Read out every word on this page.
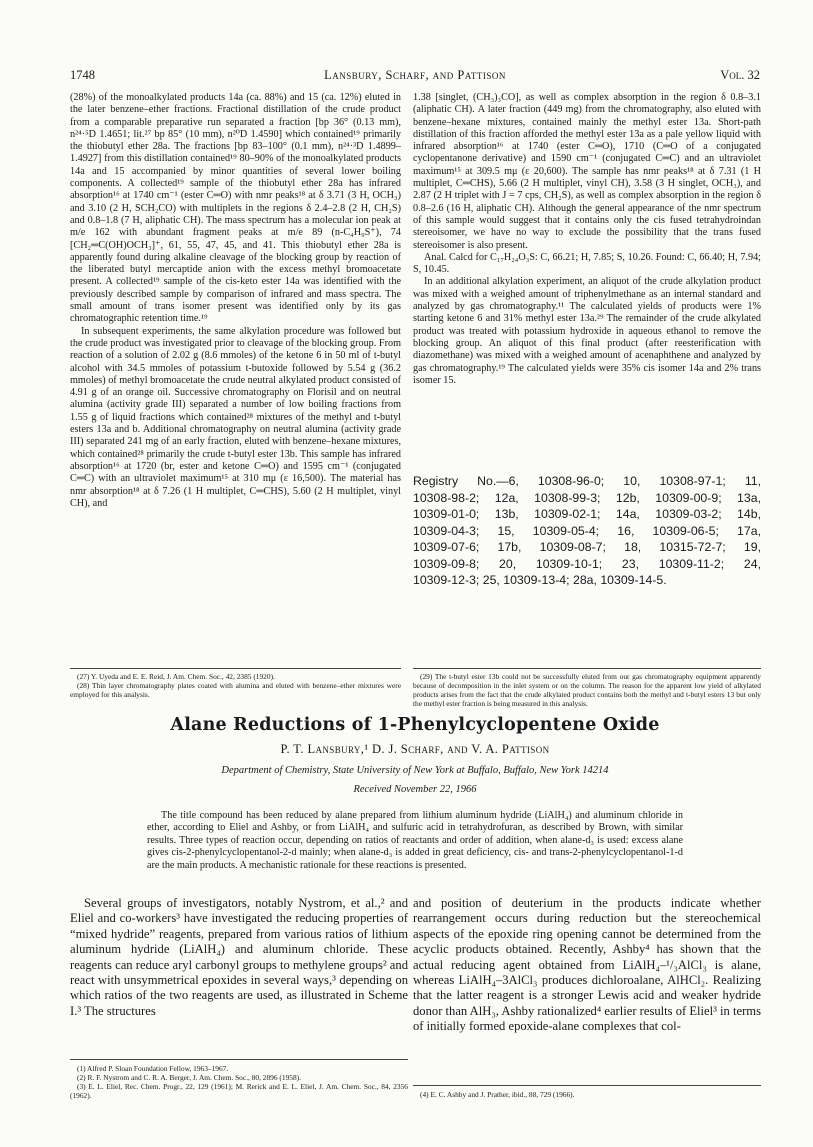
1748	Lansbury, Scharf, and Pattison	Vol. 32

(28%) of the monoalkylated products 14a (ca. 88%) and 15 (ca. 12%) eluted in the later benzene–ether fractions. Fractional distillation of the crude product from a comparable preparative run separated a fraction [bp 36° (0.13 mm), n²⁴·⁵D 1.4651; lit.²⁷ bp 85° (10 mm), n²⁰D 1.4590] which contained¹⁹ primarily the thiobutyl ether 28a. The fractions [bp 83–100° (0.1 mm), n²⁴·³D 1.4899–1.4927] from this distillation contained¹⁹ 80–90% of the monoalkylated products 14a and 15 accompanied by minor quantities of several lower boiling components. A collected¹⁹ sample of the thiobutyl ether 28a has infrared absorption¹⁶ at 1740 cm⁻¹ (ester C═O) with nmr peaks¹⁸ at δ 3.71 (3 H, OCH₃) and 3.10 (2 H, SCH₂CO) with multiplets in the regions δ 2.4–2.8 (2 H, CH₂S) and 0.8–1.8 (7 H, aliphatic CH). The mass spectrum has a molecular ion peak at m/e 162 with abundant fragment peaks at m/e 89 (n-C₄H₉S⁺), 74 [CH₂═C(OH)OCH₃]⁺, 61, 55, 47, 45, and 41. This thiobutyl ether 28a is apparently found during alkaline cleavage of the blocking group by reaction of the liberated butyl mercaptide anion with the excess methyl bromoacetate present. A collected¹⁹ sample of the cis-keto ester 14a was identified with the previously described sample by comparison of infrared and mass spectra. The small amount of trans isomer present was identified only by its gas chromatographic retention time.¹⁹

In subsequent experiments, the same alkylation procedure was followed but the crude product was investigated prior to cleavage of the blocking group. From reaction of a solution of 2.02 g (8.6 mmoles) of the ketone 6 in 50 ml of t-butyl alcohol with 34.5 mmoles of potassium t-butoxide followed by 5.54 g (36.2 mmoles) of methyl bromoacetate the crude neutral alkylated product consisted of 4.91 g of an orange oil. Successive chromatography on Florisil and on neutral alumina (activity grade III) separated a number of low boiling fractions from 1.55 g of liquid fractions which contained²⁸ mixtures of the methyl and t-butyl esters 13a and b. Additional chromatography on neutral alumina (activity grade III) separated 241 mg of an early fraction, eluted with benzene–hexane mixtures, which contained²⁸ primarily the crude t-butyl ester 13b. This sample has infrared absorption¹⁶ at 1720 (br, ester and ketone C═O) and 1595 cm⁻¹ (conjugated C═C) with an ultraviolet maximum¹⁵ at 310 mμ (ε 16,500). The material has nmr absorption¹⁸ at δ 7.26 (1 H multiplet, C═CHS), 5.60 (2 H multiplet, vinyl CH), and

1.38 [singlet, (CH₃)₃CO], as well as complex absorption in the region δ 0.8–3.1 (aliphatic CH). A later fraction (449 mg) from the chromatography, also eluted with benzene–hexane mixtures, contained mainly the methyl ester 13a. Short-path distillation of this fraction afforded the methyl ester 13a as a pale yellow liquid with infrared absorption¹⁶ at 1740 (ester C═O), 1710 (C═O of a conjugated cyclopentanone derivative) and 1590 cm⁻¹ (conjugated C═C) and an ultraviolet maximum¹⁵ at 309.5 mμ (ε 20,600). The sample has nmr peaks¹⁸ at δ 7.31 (1 H multiplet, C═CHS), 5.66 (2 H multiplet, vinyl CH), 3.58 (3 H singlet, OCH₃), and 2.87 (2 H triplet with J = 7 cps, CH₂S), as well as complex absorption in the region δ 0.8–2.6 (16 H, aliphatic CH). Although the general appearance of the nmr spectrum of this sample would suggest that it contains only the cis fused tetrahydroindan stereoisomer, we have no way to exclude the possibility that the trans fused stereoisomer is also present.

Anal. Calcd for C₁₇H₂₄O₃S: C, 66.21; H, 7.85; S, 10.26. Found: C, 66.40; H, 7.94; S, 10.45.

In an additional alkylation experiment, an aliquot of the crude alkylation product was mixed with a weighed amount of triphenylmethane as an internal standard and analyzed by gas chromatography.¹¹ The calculated yields of products were 1% starting ketone 6 and 31% methyl ester 13a.²⁹ The remainder of the crude alkylated product was treated with potassium hydroxide in aqueous ethanol to remove the blocking group. An aliquot of this final product (after reesterification with diazomethane) was mixed with a weighed amount of acenaphthene and analyzed by gas chromatography.¹⁹ The calculated yields were 35% cis isomer 14a and 2% trans isomer 15.

Registry No.—6, 10308-96-0; 10, 10308-97-1; 11,
10308-98-2; 12a, 10308-99-3; 12b, 10309-00-9; 13a,
10309-01-0; 13b, 10309-02-1; 14a, 10309-03-2; 14b,
10309-04-3; 15, 10309-05-4; 16, 10309-06-5; 17a,
10309-07-6; 17b, 10309-08-7; 18, 10315-72-7; 19,
10309-09-8; 20, 10309-10-1; 23, 10309-11-2; 24,
10309-12-3; 25, 10309-13-4; 28a, 10309-14-5.

(27) Y. Uyeda and E. E. Reid, J. Am. Chem. Soc., 42, 2385 (1920).

(28) Thin layer chromatography plates coated with alumina and eluted with benzene–ether mixtures were employed for this analysis.

(29) The t-butyl ester 13b could not be successfully eluted from our gas chromatography equipment apparently because of decomposition in the inlet system or on the column. The reason for the apparent low yield of alkylated products arises from the fact that the crude alkylated product contains both the methyl and t-butyl esters 13 but only the methyl ester fraction is being measured in this analysis.

Alane Reductions of 1-Phenylcyclopentene Oxide
P. T. Lansbury,¹ D. J. Scharf, and V. A. Pattison
Department of Chemistry, State University of New York at Buffalo, Buffalo, New York 14214
Received November 22, 1966
The title compound has been reduced by alane prepared from lithium aluminum hydride (LiAlH₄) and aluminum chloride in ether, according to Eliel and Ashby, or from LiAlH₄ and sulfuric acid in tetrahydrofuran, as described by Brown, with similar results. Three types of reaction occur, depending on ratios of reactants and order of addition, when alane-d₃ is used: excess alane gives cis-2-phenylcyclopentanol-2-d mainly; when alane-d₃ is added in great deficiency, cis- and trans-2-phenylcyclopentanol-1-d are the main products. A mechanistic rationale for these reactions is presented.
Several groups of investigators, notably Nystrom, et al.,² and Eliel and co-workers³ have investigated the reducing properties of “mixed hydride” reagents, prepared from various ratios of lithium aluminum hydride (LiAlH₄) and aluminum chloride. These reagents can reduce aryl carbonyl groups to methylene groups² and react with unsymmetrical epoxides in several ways,³ depending on which ratios of the two reagents are used, as illustrated in Scheme I.³ The structures
and position of deuterium in the products indicate whether rearrangement occurs during reduction but the stereochemical aspects of the epoxide ring opening cannot be determined from the acyclic products obtained. Recently, Ashby⁴ has shown that the actual reducing agent obtained from LiAlH₄–¹/₃AlCl₃ is alane, whereas LiAlH₄–3AlCl₃ produces dichloroalane, AlHCl₂. Realizing that the latter reagent is a stronger Lewis acid and weaker hydride donor than AlH₃, Ashby rationalized⁴ earlier results of Eliel³ in terms of initially formed epoxide-alane complexes that col-

(1) Alfred P. Sloan Foundation Fellow, 1963–1967.

(2) R. F. Nystrom and C. R. A. Berger, J. Am. Chem. Soc., 80, 2896 (1958).

(3) E. L. Eliel, Rec. Chem. Progr., 22, 129 (1961); M. Rerick and E. L. Eliel, J. Am. Chem. Soc., 84, 2356 (1962).	(4) E. C. Ashby and J. Prather, ibid., 88, 729 (1966).
